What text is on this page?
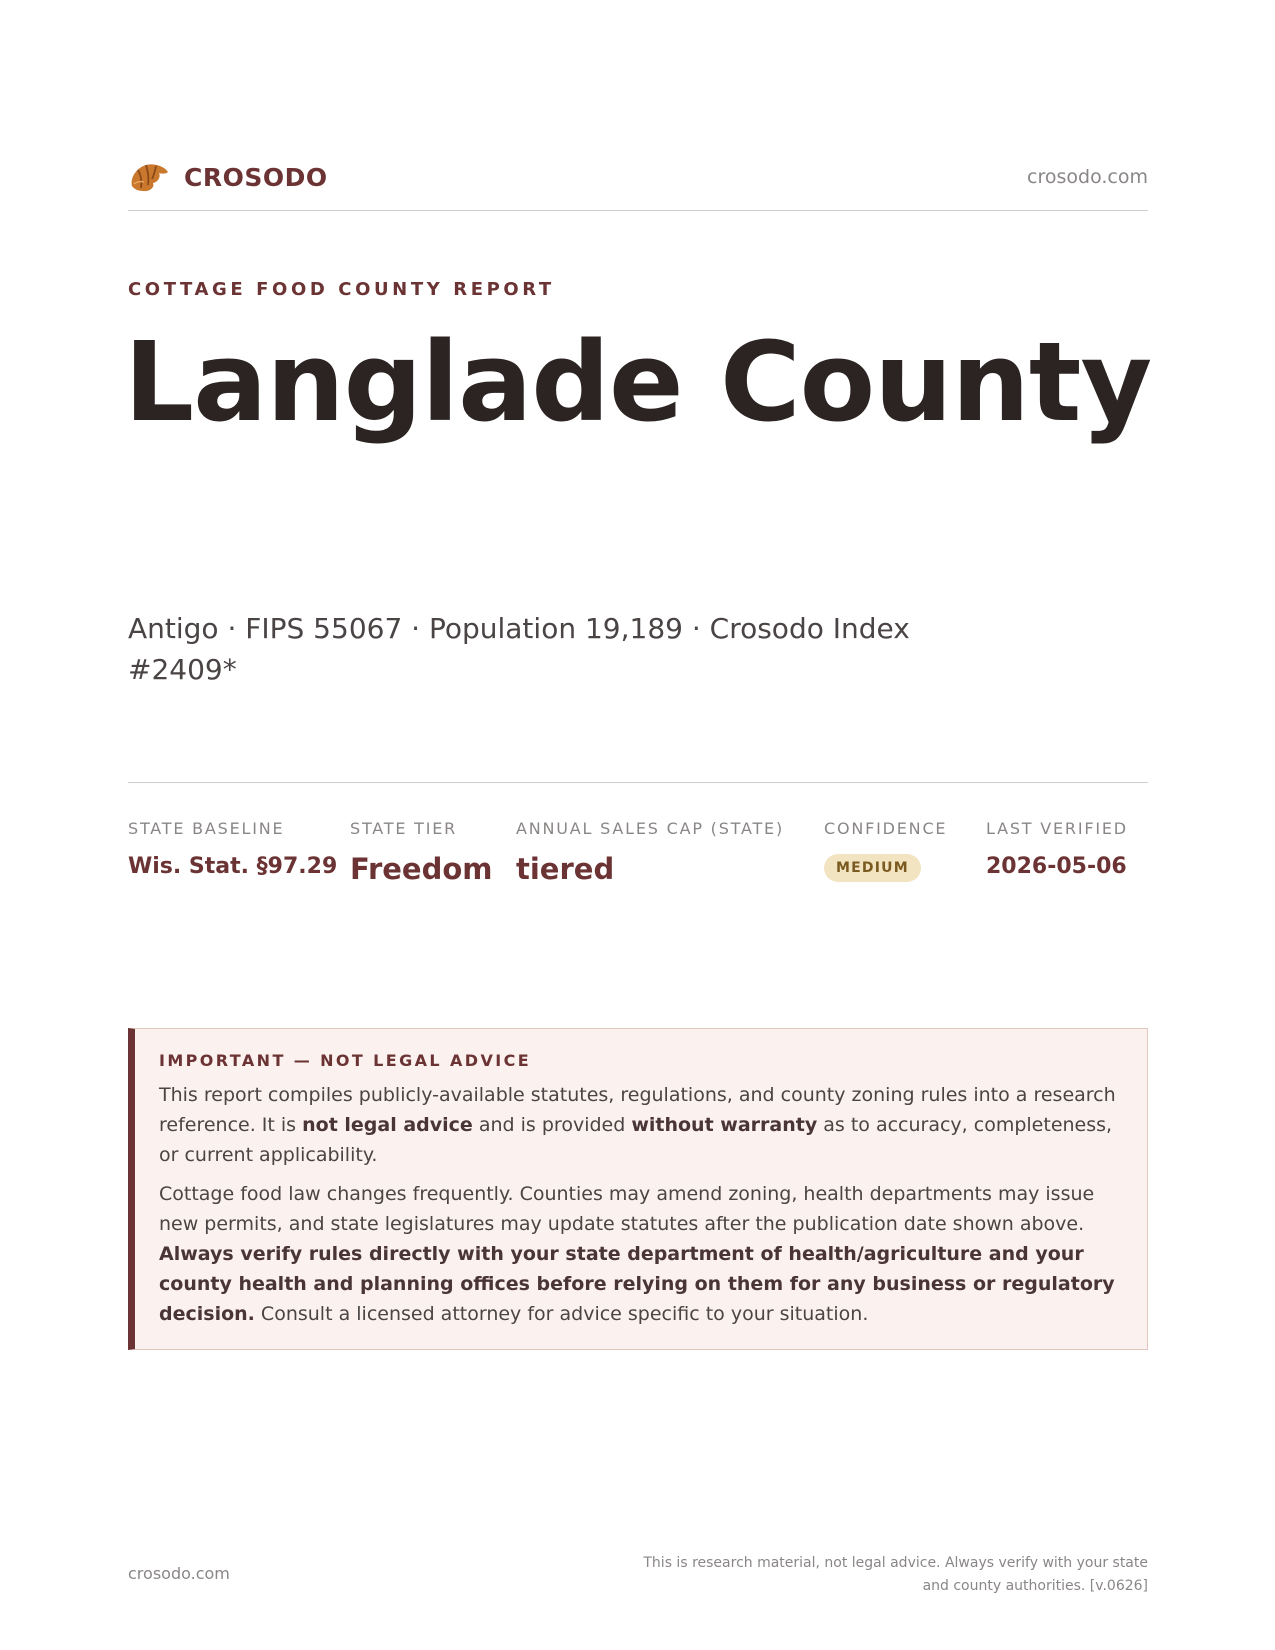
CROSODO	crosodo.com
COTTAGE FOOD COUNTY REPORT
Langlade County
Antigo · FIPS 55067 · Population 19,189 · Crosodo Index #2409*
STATE BASELINE
Wis. Stat. §97.29
STATE TIER
Freedom
ANNUAL SALES CAP (STATE)
tiered
CONFIDENCE
MEDIUM
LAST VERIFIED
2026-05-06
IMPORTANT — NOT LEGAL ADVICE

This report compiles publicly-available statutes, regulations, and county zoning rules into a research reference. It is not legal advice and is provided without warranty as to accuracy, completeness, or current applicability.

Cottage food law changes frequently. Counties may amend zoning, health departments may issue new permits, and state legislatures may update statutes after the publication date shown above. Always verify rules directly with your state department of health/agriculture and your county health and planning offices before relying on them for any business or regulatory decision. Consult a licensed attorney for advice specific to your situation.

crosodo.com
This is research material, not legal advice. Always verify with your state
and county authorities. [v.0626]
